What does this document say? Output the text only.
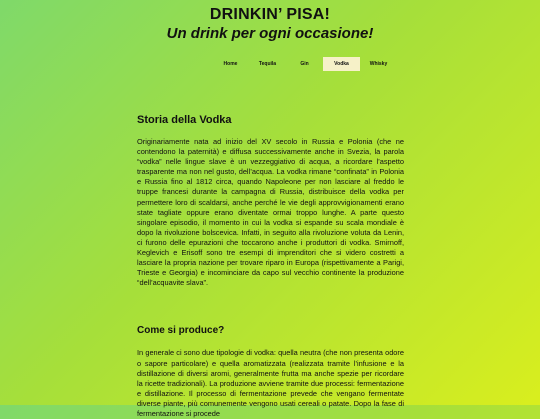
DRINKIN’ PISA!
Un drink per ogni occasione!
Home	Tequila	Gin	Vodka	Whisky
Storia della Vodka

Originariamente nata ad inizio del XV secolo in Russia e Polonia (che ne contendono la paternità) e diffusa successivamente anche in Svezia, la parola “vodka” nelle lingue slave è un vezzeggiativo di acqua, a ricordare l’aspetto trasparente ma non nel gusto, dell’acqua. La vodka rimane “confinata” in Polonia e Russia fino al 1812 circa, quando Napoleone per non lasciare al freddo le truppe francesi durante la campagna di Russia, distribuisce della vodka per permettere loro di scaldarsi, anche perché le vie degli approvvigionamenti erano state tagliate oppure erano diventate ormai troppo lunghe. A parte questo singolare episodio, il momento in cui la vodka si espande su scala mondiale è dopo la rivoluzione bolscevica. Infatti, in seguito alla rivoluzione voluta da Lenin, ci furono delle epurazioni che toccarono anche i produttori di vodka. Smirnoff, Keglevich e Erisoff sono tre esempi di imprenditori che si videro costretti a lasciare la propria nazione per trovare riparo in Europa (rispettivamente a Parigi, Trieste e Georgia) e incominciare da capo sul vecchio continente la produzione “dell’acquavite slava”.

Come si produce?

In generale ci sono due tipologie di vodka: quella neutra (che non presenta odore o sapore particolare) e quella aromatizzata (realizzata tramite l’infusione e la distillazione di diversi aromi, generalmente frutta ma anche spezie per ricordare la ricette tradizionali). La produzione avviene tramite due processi: fermentazione e distillazione. Il processo di fermentazione prevede che vengano fermentate diverse piante, più comunemente vengono usati cereali o patate. Dopo la fase di fermentazione si procede
